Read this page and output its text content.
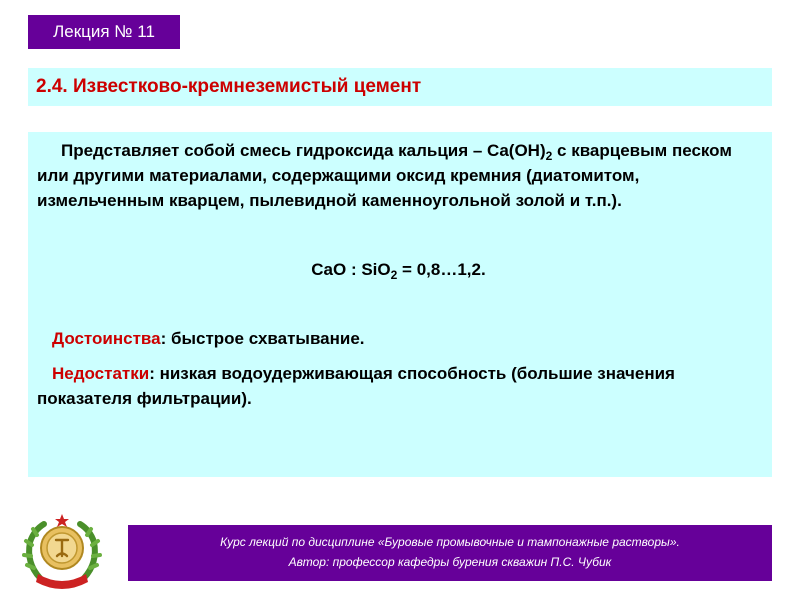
Лекция № 11
2.4. Известково-кремнеземистый цемент

Представляет собой смесь гидроксида кальция – $Ca(OH)_2$ с кварцевым песком или другими материалами, содержащими оксид кремния (диатомитом, измельченным кварцем, пылевидной каменноугольной золой и т.п.).

CaO : SiO$_2$ = 0,8…1,2.

Достоинства: быстрое схватывание.

Недостатки: низкая водоудерживающая способность (большие значения показателя фильтрации).

Курс лекций по дисциплине «Буровые промывочные и тампонажные растворы».
Автор: профессор кафедры бурения скважин П.С. Чубик
